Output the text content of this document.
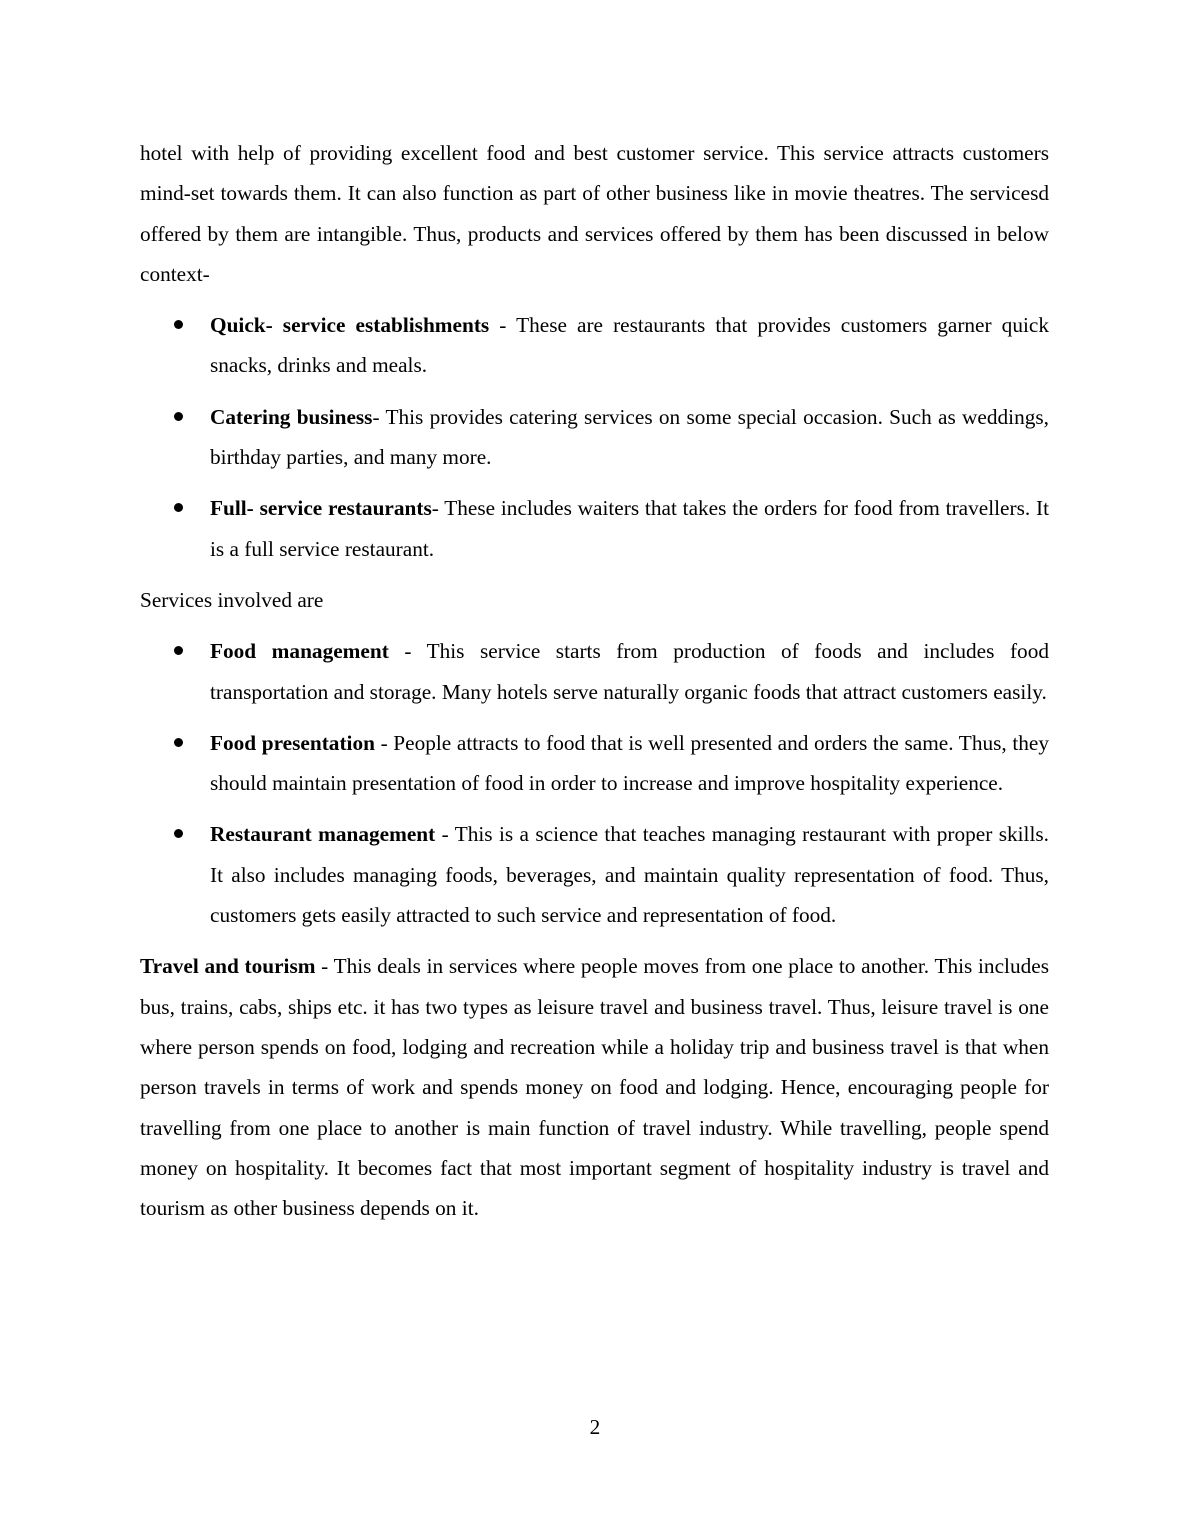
hotel with help of providing excellent food and best customer service. This service attracts customers mind-set towards them. It can also function as part of other business like in movie theatres. The servicesd offered by them are intangible. Thus, products and services offered by them has been discussed in below context-

Quick- service establishments - These are restaurants that provides customers garner quick snacks, drinks and meals.
Catering business- This provides catering services on some special occasion. Such as weddings, birthday parties, and many more.
Full- service restaurants- These includes waiters that takes the orders for food from travellers. It is a full service restaurant.

Services involved are

Food management - This service starts from production of foods and includes food transportation and storage. Many hotels serve naturally organic foods that attract customers easily.
Food presentation - People attracts to food that is well presented and orders the same. Thus, they should maintain presentation of food in order to increase and improve hospitality experience.
Restaurant management - This is a science that teaches managing restaurant with proper skills. It also includes managing foods, beverages, and maintain quality representation of food. Thus, customers gets easily attracted to such service and representation of food.

Travel and tourism - This deals in services where people moves from one place to another. This includes bus, trains, cabs, ships etc. it has two types as leisure travel and business travel. Thus, leisure travel is one where person spends on food, lodging and recreation while a holiday trip and business travel is that when person travels in terms of work and spends money on food and lodging. Hence, encouraging people for travelling from one place to another is main function of travel industry. While travelling, people spend money on hospitality. It becomes fact that most important segment of hospitality industry is travel and tourism as other business depends on it.

2
